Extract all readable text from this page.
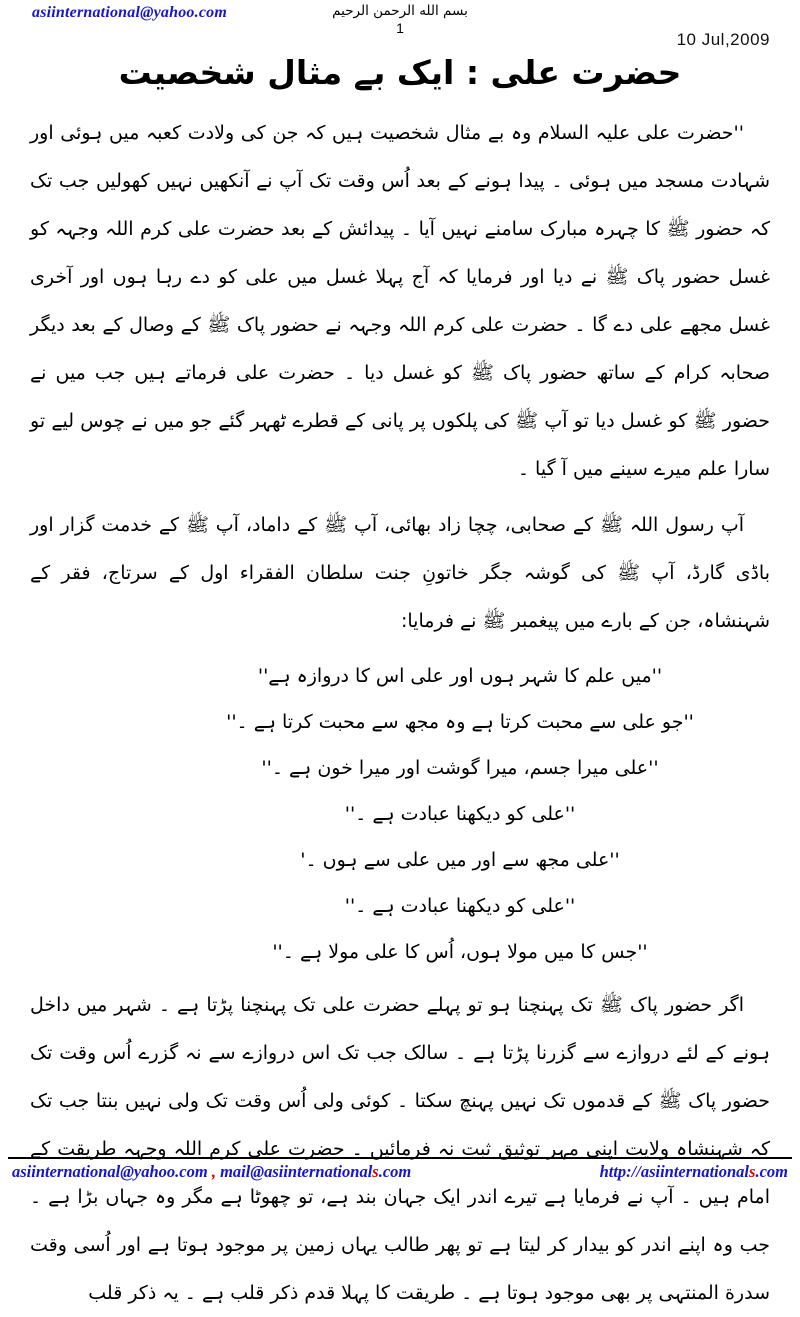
asiinternational@yahoo.com	بسم الله الرحمن الرحيم
1
10 Jul,2009
حضرت علی : ایک بے مثال شخصیت

''حضرت علی علیہ السلام وہ بے مثال شخصیت ہیں کہ جن کی ولادت کعبہ میں ہوئی اور شہادت مسجد میں ہوئی ۔ پیدا ہونے کے بعد اُس وقت تک آپ نے آنکھیں نہیں کھولیں جب تک کہ حضور ﷺ کا چہرہ مبارک سامنے نہیں آیا ۔ پیدائش کے بعد حضرت علی کرم اللہ وجہہ کو غسل حضور پاک ﷺ نے دیا اور فرمایا کہ آج پہلا غسل میں علی کو دے رہا ہوں اور آخری غسل مجھے علی دے گا ۔ حضرت علی کرم اللہ وجہہ نے حضور پاک ﷺ کے وصال کے بعد دیگر صحابہ کرام کے ساتھ حضور پاک ﷺ کو غسل دیا ۔ حضرت علی فرماتے ہیں جب میں نے حضور ﷺ کو غسل دیا تو آپ ﷺ کی پلکوں پر پانی کے قطرے ٹھہر گئے جو میں نے چوس لیے تو سارا علم میرے سینے میں آ گیا ۔

آپ رسول اللہ ﷺ کے صحابی، چچا زاد بھائی، آپ ﷺ کے داماد، آپ ﷺ کے خدمت گزار اور باڈی گارڈ، آپ ﷺ کی گوشہ جگر خاتونِ جنت سلطان الفقراء اول کے سرتاج، فقر کے شہنشاہ، جن کے بارے میں پیغمبر ﷺ نے فرمایا:

''میں علم کا شہر ہوں اور علی اس کا دروازہ ہے''
''جو علی سے محبت کرتا ہے وہ مجھ سے محبت کرتا ہے ۔''
''علی میرا جسم، میرا گوشت اور میرا خون ہے ۔''
''علی کو دیکھنا عبادت ہے ۔''
''علی مجھ سے اور میں علی سے ہوں ۔'
''علی کو دیکھنا عبادت ہے ۔''
''جس کا میں مولا ہوں، اُس کا علی مولا ہے ۔''

اگر حضور پاک ﷺ تک پہنچنا ہو تو پہلے حضرت علی تک پہنچنا پڑتا ہے ۔ شہر میں داخل ہونے کے لئے دروازے سے گزرنا پڑتا ہے ۔ سالک جب تک اس دروازے سے نہ گزرے اُس وقت تک حضور پاک ﷺ کے قدموں تک نہیں پہنچ سکتا ۔ کوئی ولی اُس وقت تک ولی نہیں بنتا جب تک کہ شہنشاہ ولایت اپنی مہر توثیق ثبت نہ فرمائیں ۔ حضرت علی کرم اللہ وجہہ طریقت کے امام ہیں ۔ آپ نے فرمایا ہے تیرے اندر ایک جہان بند ہے، تو چھوٹا ہے مگر وہ جہاں بڑا ہے ۔ جب وہ اپنے اندر کو بیدار کر لیتا ہے تو پھر طالب یہاں زمین پر موجود ہوتا ہے اور اُسی وقت سدرة المنتہی پر بھی موجود ہوتا ہے ۔ طریقت کا پہلا قدم ذکر قلب ہے ۔ یہ ذکر قلب

asiinternational@yahoo.com , mail@asiinternationals.com	http://asiinternationals.com
